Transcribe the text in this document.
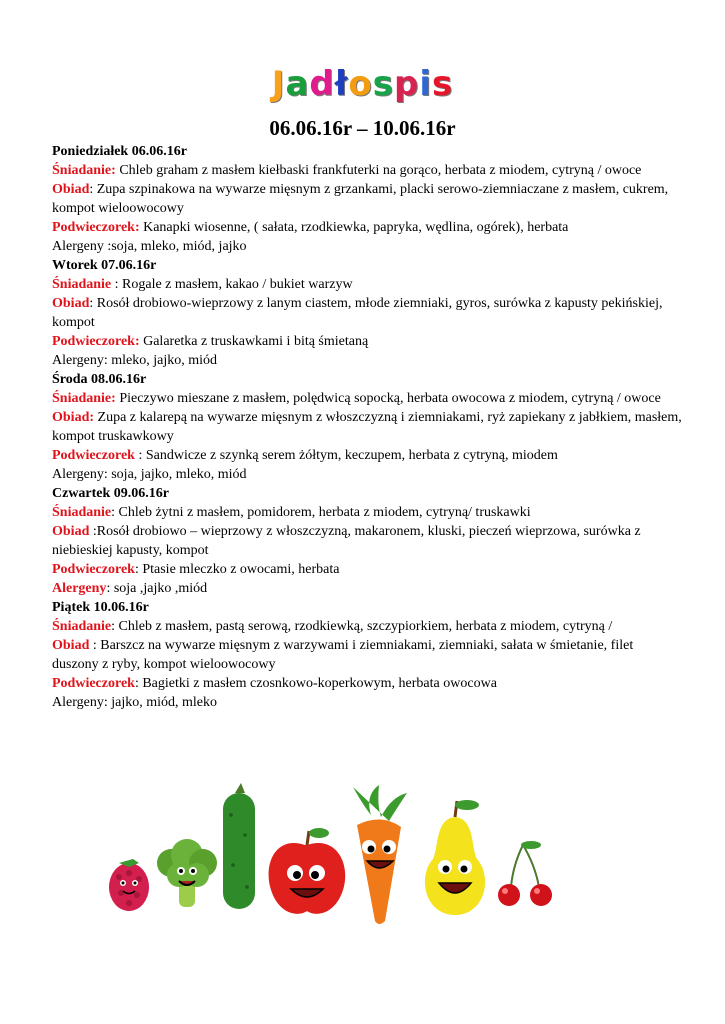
Jadłospis
06.06.16r – 10.06.16r

Poniedziałek 06.06.16r

Śniadanie: Chleb graham z masłem kiełbaski frankfuterki na gorąco, herbata z miodem, cytryną / owoce

Obiad: Zupa szpinakowa na wywarze mięsnym z grzankami, placki serowo-ziemniaczane z masłem, cukrem, kompot wieloowocowy

Podwieczorek: Kanapki wiosenne, ( sałata, rzodkiewka, papryka, wędlina, ogórek), herbata

Alergeny :soja, mleko, miód, jajko

Wtorek 07.06.16r

Śniadanie : Rogale z masłem, kakao / bukiet warzyw

Obiad: Rosół drobiowo-wieprzowy z lanym ciastem, młode ziemniaki, gyros, surówka z kapusty pekińskiej, kompot

Podwieczorek: Galaretka z truskawkami i bitą śmietaną

Alergeny: mleko, jajko, miód

Środa 08.06.16r

Śniadanie: Pieczywo mieszane z masłem, polędwicą sopocką, herbata owocowa z miodem, cytryną / owoce

Obiad: Zupa z kalarepą na wywarze mięsnym z włoszczyzną i ziemniakami, ryż zapiekany z jabłkiem, masłem, kompot truskawkowy

Podwieczorek : Sandwicze z szynką serem żółtym, keczupem, herbata z cytryną, miodem

Alergeny: soja, jajko, mleko, miód

Czwartek 09.06.16r

Śniadanie: Chleb żytni z masłem, pomidorem, herbata z miodem, cytryną/ truskawki

Obiad :Rosół drobiowo – wieprzowy z włoszczyzną, makaronem, kluski, pieczeń wieprzowa, surówka z niebieskiej kapusty, kompot

Podwieczorek: Ptasie mleczko z owocami, herbata

Alergeny: soja ,jajko ,miód

Piątek 10.06.16r

Śniadanie: Chleb z masłem, pastą serową, rzodkiewką, szczypiorkiem, herbata z miodem, cytryną /

Obiad : Barszcz na wywarze mięsnym z warzywami i ziemniakami, ziemniaki, sałata w śmietanie, filet duszony z ryby, kompot wieloowocowy

Podwieczorek: Bagietki z masłem czosnkowo-koperkowym, herbata owocowa

Alergeny: jajko, miód, mleko
